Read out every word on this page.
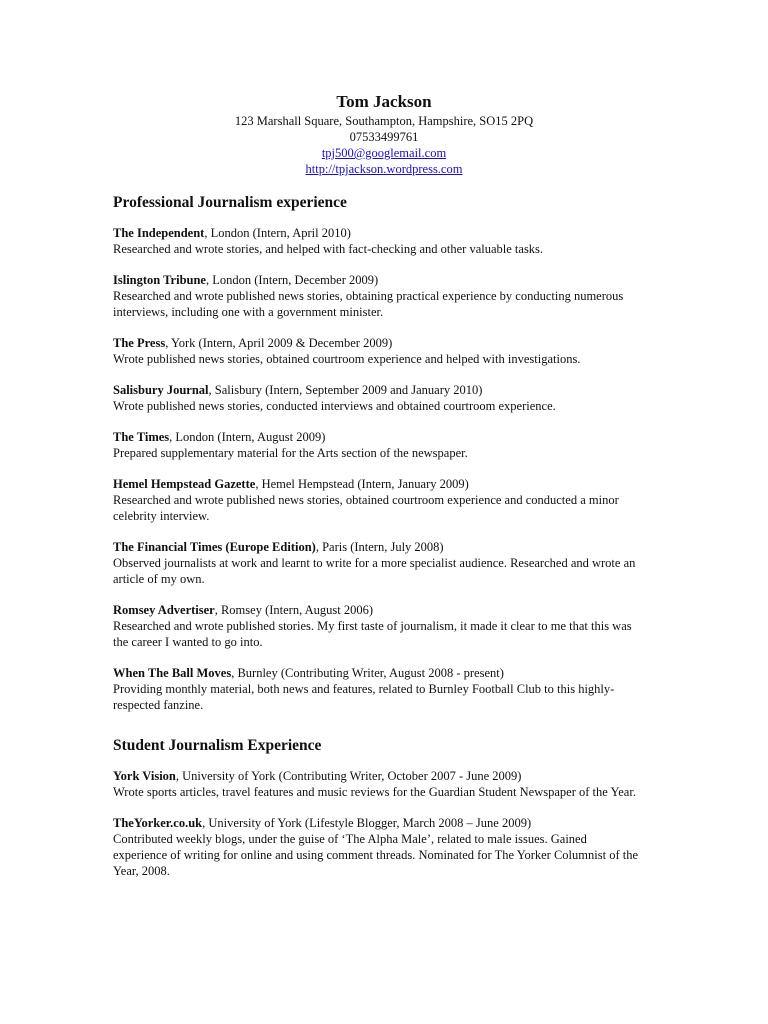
Tom Jackson
123 Marshall Square, Southampton, Hampshire, SO15 2PQ
07533499761
tpj500@googlemail.com
http://tpjackson.wordpress.com
Professional Journalism experience
The Independent, London (Intern, April 2010)
Researched and wrote stories, and helped with fact-checking and other valuable tasks.
Islington Tribune, London (Intern, December 2009)
Researched and wrote published news stories, obtaining practical experience by conducting numerous interviews, including one with a government minister.
The Press, York (Intern, April 2009 & December 2009)
Wrote published news stories, obtained courtroom experience and helped with investigations.
Salisbury Journal, Salisbury (Intern, September 2009 and January 2010)
Wrote published news stories, conducted interviews and obtained courtroom experience.
The Times, London (Intern, August 2009)
Prepared supplementary material for the Arts section of the newspaper.
Hemel Hempstead Gazette, Hemel Hempstead (Intern, January 2009)
Researched and wrote published news stories, obtained courtroom experience and conducted a minor celebrity interview.
The Financial Times (Europe Edition), Paris (Intern, July 2008)
Observed journalists at work and learnt to write for a more specialist audience. Researched and wrote an article of my own.
Romsey Advertiser, Romsey (Intern, August 2006)
Researched and wrote published stories. My first taste of journalism, it made it clear to me that this was the career I wanted to go into.
When The Ball Moves, Burnley (Contributing Writer, August 2008 - present)
Providing monthly material, both news and features, related to Burnley Football Club to this highly-respected fanzine.
Student Journalism Experience
York Vision, University of York (Contributing Writer, October 2007 - June 2009)
Wrote sports articles, travel features and music reviews for the Guardian Student Newspaper of the Year.
TheYorker.co.uk, University of York (Lifestyle Blogger, March 2008 – June 2009)
Contributed weekly blogs, under the guise of ‘The Alpha Male’, related to male issues. Gained experience of writing for online and using comment threads. Nominated for The Yorker Columnist of the Year, 2008.
